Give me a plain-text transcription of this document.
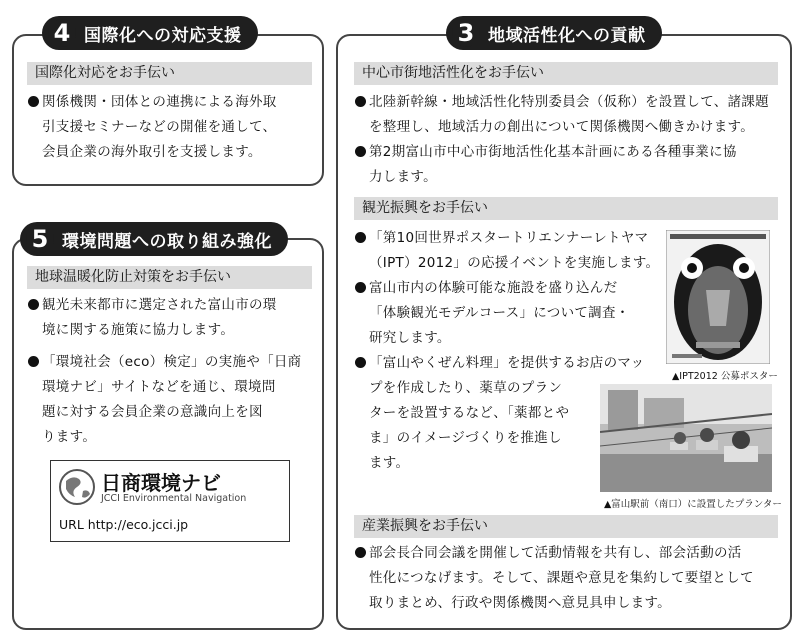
4 国際化への対応支援
国際化対応をお手伝い
関係機関・団体との連携による海外取
引支援セミナーなどの開催を通して、
会員企業の海外取引を支援します。
5 環境問題への取り組み強化
地球温暖化防止対策をお手伝い
観光未来都市に選定された富山市の環
境に関する施策に協力します。
「環境社会（eco）検定」の実施や「日商
環境ナビ」サイトなどを通じ、環境問
題に対する会員企業の意識向上を図
ります。
日商環境ナビ
JCCI Environmental Navigation
URL http://eco.jcci.jp
3 地域活性化への貢献
中心市街地活性化をお手伝い
北陸新幹線・地域活性化特別委員会（仮称）を設置して、諸課題
を整理し、地域活力の創出について関係機関へ働きかけます。
第2期富山市中心市街地活性化基本計画にある各種事業に協
力します。
観光振興をお手伝い
「第10回世界ポスタートリエンナーレトヤマ
（IPT）2012」の応援イベントを実施します。
富山市内の体験可能な施設を盛り込んだ
「体験観光モデルコース」について調査・
研究します。
「富山やくぜん料理」を提供するお店のマッ
プを作成したり、薬草のプラン
ターを設置するなど、「薬都とや
ま」のイメージづくりを推進し
ます。
▲IPT2012 公募ポスター
▲富山駅前（南口）に設置したプランター
産業振興をお手伝い
部会長合同会議を開催して活動情報を共有し、部会活動の活
性化につなげます。そして、課題や意見を集約して要望として
取りまとめ、行政や関係機関へ意見具申します。
